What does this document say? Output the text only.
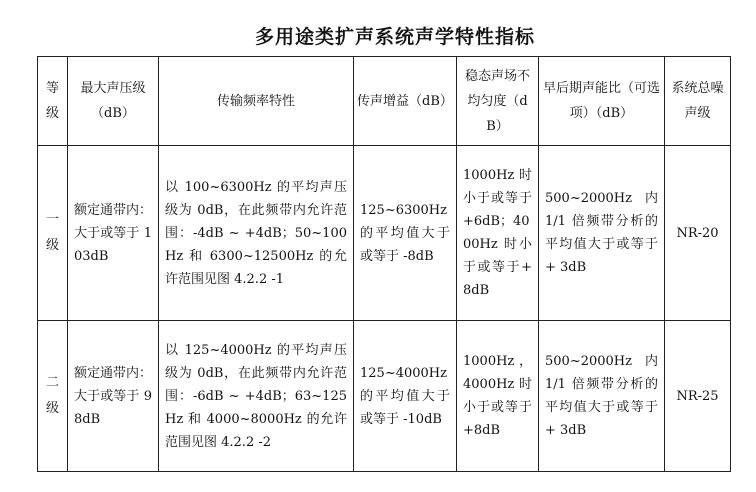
多用途类扩声系统声学特性指标
等级	最大声压级（dB）	传输频率特性	传声增益（dB）	稳态声场不均匀度（dB）	早后期声能比（可选项）（dB）	系统总噪声级
一级	额定通带内：大于或等于 103dB	以 100~6300Hz 的平均声压级为 0dB，在此频带内允许范围：-4dB ~ +4dB；50~100Hz 和 6300~12500Hz 的允许范围见图 4.2.2 -1	125~6300Hz 的平均值大于或等于 -8dB	1000Hz 时小于或等于+6dB；4000Hz 时小于或等于+8dB	500~2000Hz 内 1/1 倍频带分析的平均值大于或等于+ 3dB	NR-20
二级	额定通带内：大于或等于 98dB	以 125~4000Hz 的平均声压级为 0dB，在此频带内允许范围：-6dB ~ +4dB；63~125Hz 和 4000~8000Hz 的允许范围见图 4.2.2 -2	125~4000Hz 的平均值大于或等于 -10dB	1000Hz，4000Hz 时小于或等于+8dB	500~2000Hz 内 1/1 倍频带分析的平均值大于或等于+ 3dB	NR-25
